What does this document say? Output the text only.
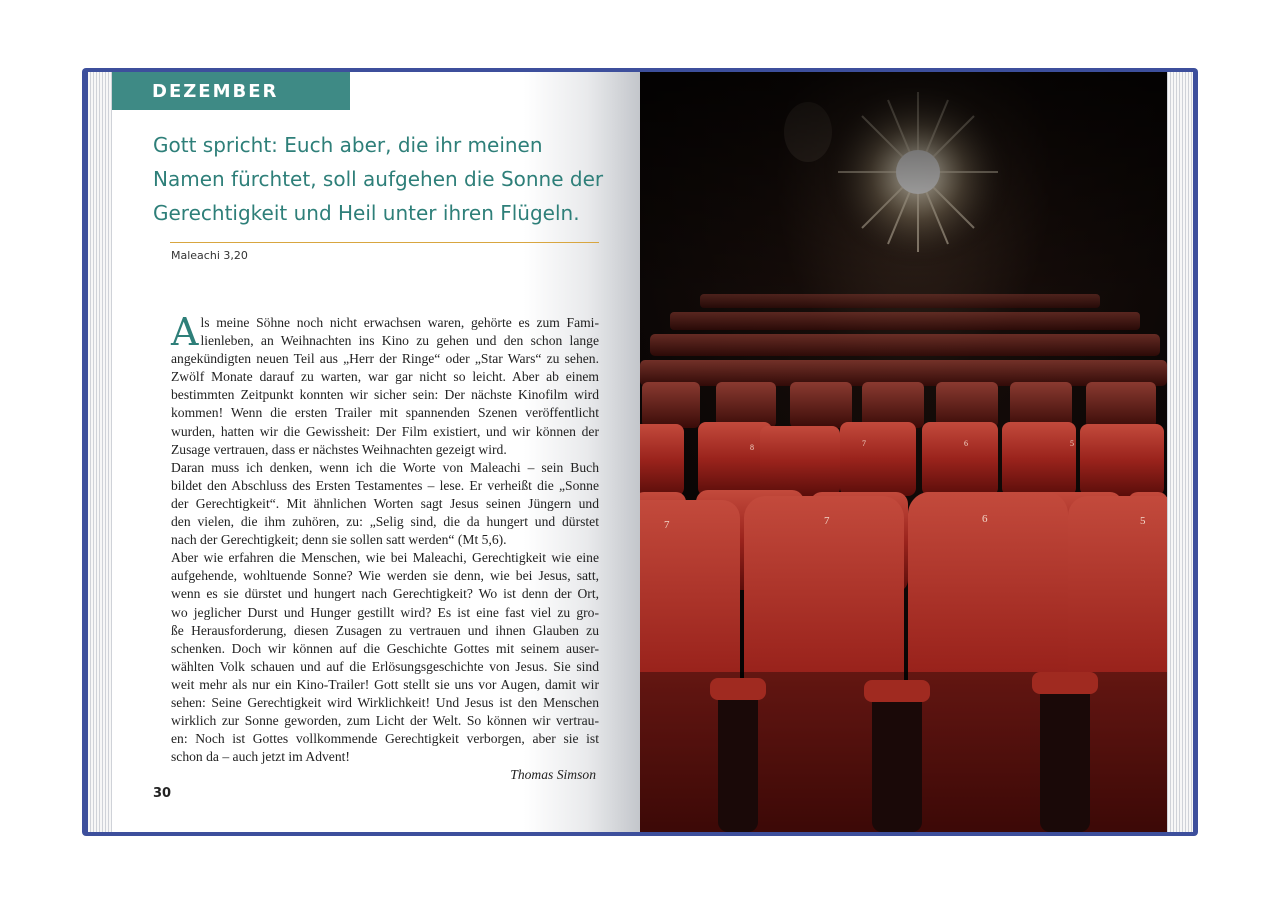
DEZEMBER
Gott spricht: Euch aber, die ihr meinen
Namen fürchtet, soll aufgehen die Sonne der
Gerechtigkeit und Heil unter ihren Flügeln.
Maleachi 3,20
A ls meine Söhne noch nicht erwachsen waren, gehörte es zum Fami-
lienleben, an Weihnachten ins Kino zu gehen und den schon lange
angekündigten neuen Teil aus „Herr der Ringe“ oder „Star Wars“ zu sehen.
Zwölf Monate darauf zu warten, war gar nicht so leicht. Aber ab einem
bestimmten Zeitpunkt konnten wir sicher sein: Der nächste Kinofilm wird
kommen! Wenn die ersten Trailer mit spannenden Szenen veröffentlicht
wurden, hatten wir die Gewissheit: Der Film existiert, und wir können der
Zusage vertrauen, dass er nächstes Weihnachten gezeigt wird.
Daran muss ich denken, wenn ich die Worte von Maleachi – sein Buch
bildet den Abschluss des Ersten Testamentes – lese. Er verheißt die „Sonne
der Gerechtigkeit“. Mit ähnlichen Worten sagt Jesus seinen Jüngern und
den vielen, die ihm zuhören, zu: „Selig sind, die da hungert und dürstet
nach der Gerechtigkeit; denn sie sollen satt werden“ (Mt 5,6).
Aber wie erfahren die Menschen, wie bei Maleachi, Gerechtigkeit wie eine
aufgehende, wohltuende Sonne? Wie werden sie denn, wie bei Jesus, satt,
wenn es sie dürstet und hungert nach Gerechtigkeit? Wo ist denn der Ort,
wo jeglicher Durst und Hunger gestillt wird? Es ist eine fast viel zu gro-
ße Herausforderung, diesen Zusagen zu vertrauen und ihnen Glauben zu
schenken. Doch wir können auf die Geschichte Gottes mit seinem auser-
wählten Volk schauen und auf die Erlösungsgeschichte von Jesus. Sie sind
weit mehr als nur ein Kino-Trailer! Gott stellt sie uns vor Augen, damit wir
sehen: Seine Gerechtigkeit wird Wirklichkeit! Und Jesus ist den Menschen
wirklich zur Sonne geworden, zum Licht der Welt. So können wir vertrau-
en: Noch ist Gottes vollkommende Gerechtigkeit verborgen, aber sie ist
schon da – auch jetzt im Advent!
Thomas Simson
30
